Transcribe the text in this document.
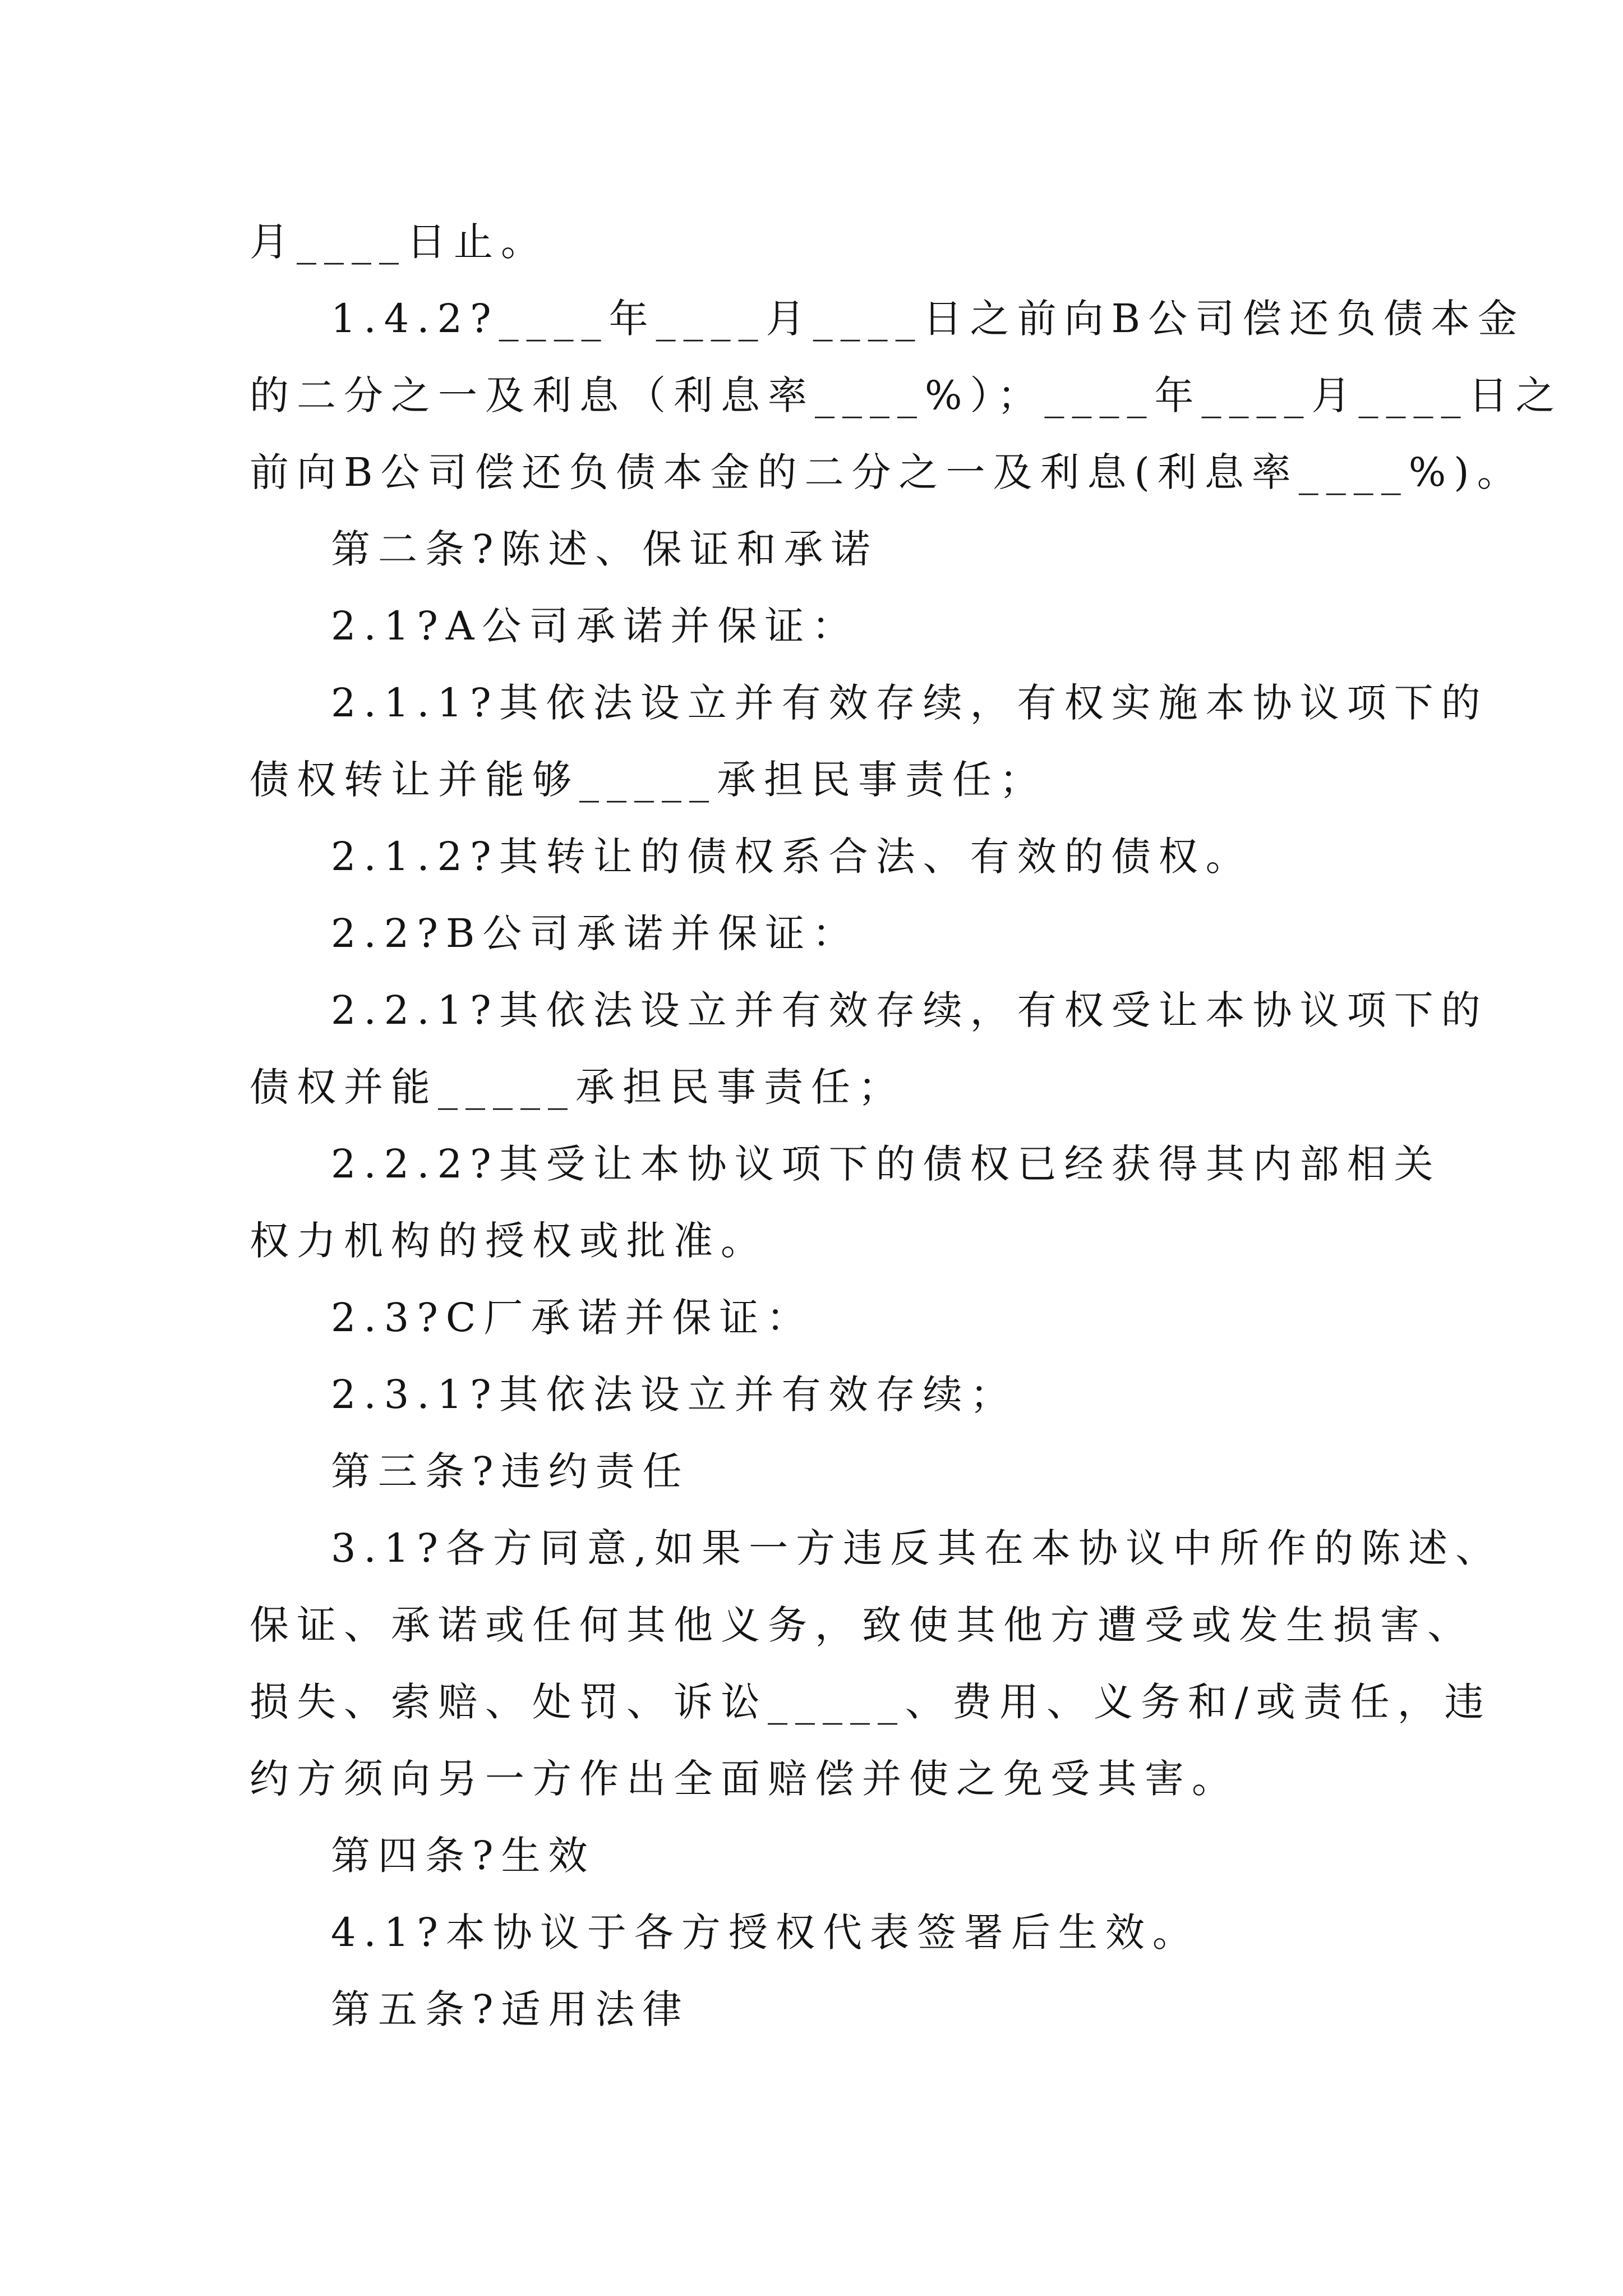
月____日止。
1.4.2?____年____月____日之前向B公司偿还负债本金
的二分之一及利息（利息率____%）；____年____月____日之
前向B公司偿还负债本金的二分之一及利息(利息率____%)。
第二条?陈述、保证和承诺
2.1?A公司承诺并保证：
2.1.1?其依法设立并有效存续，有权实施本协议项下的
债权转让并能够_____承担民事责任；
2.1.2?其转让的债权系合法、有效的债权。
2.2?B公司承诺并保证：
2.2.1?其依法设立并有效存续，有权受让本协议项下的
债权并能_____承担民事责任；
2.2.2?其受让本协议项下的债权已经获得其内部相关
权力机构的授权或批准。
2.3?C厂承诺并保证：
2.3.1?其依法设立并有效存续；
第三条?违约责任
3.1?各方同意,如果一方违反其在本协议中所作的陈述、
保证、承诺或任何其他义务，致使其他方遭受或发生损害、
损失、索赔、处罚、诉讼_____、费用、义务和/或责任，违
约方须向另一方作出全面赔偿并使之免受其害。
第四条?生效
4.1?本协议于各方授权代表签署后生效。
第五条?适用法律
